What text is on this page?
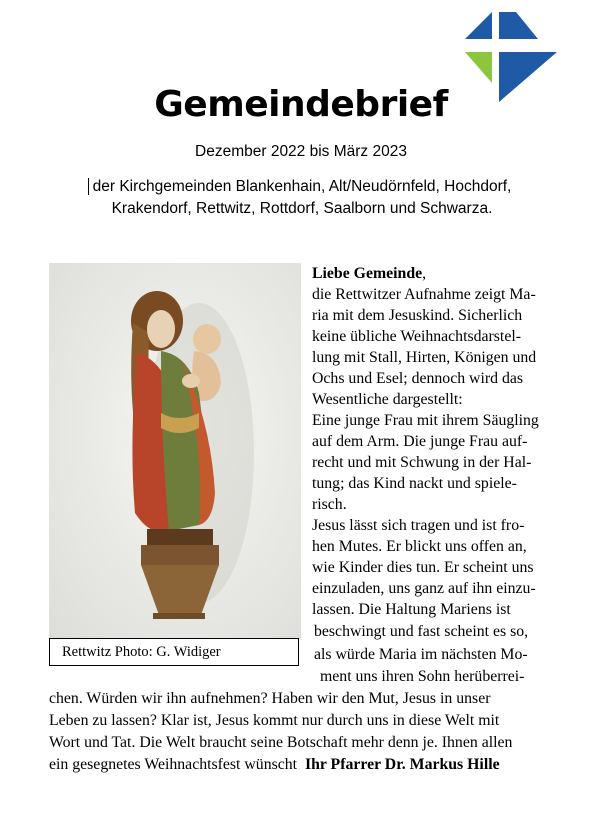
Gemeindebrief
Dezember 2022 bis März 2023
der Kirchgemeinden Blankenhain, Alt/Neudörnfeld, Hochdorf,
Krakendorf, Rettwitz, Rottdorf, Saalborn und Schwarza.
Rettwitz Photo: G. Widiger
Liebe Gemeinde,
die Rettwitzer Aufnahme zeigt Ma-
ria mit dem Jesuskind. Sicherlich
keine übliche Weihnachtsdarstel-
lung mit Stall, Hirten, Königen und
Ochs und Esel; dennoch wird das
Wesentliche dargestellt:
Eine junge Frau mit ihrem Säugling
auf dem Arm. Die junge Frau auf-
recht und mit Schwung in der Hal-
tung; das Kind nackt und spiele-
risch.
Jesus lässt sich tragen und ist fro-
hen Mutes. Er blickt uns offen an,
wie Kinder dies tun. Er scheint uns
einzuladen, uns ganz auf ihn einzu-
lassen. Die Haltung Mariens ist
beschwingt und fast scheint es so,
als würde Maria im nächsten Mo-
ment uns ihren Sohn herüberrei-
chen. Würden wir ihn aufnehmen? Haben wir den Mut, Jesus in unser
Leben zu lassen? Klar ist, Jesus kommt nur durch uns in diese Welt mit
Wort und Tat. Die Welt braucht seine Botschaft mehr denn je. Ihnen allen
ein gesegnetes Weihnachtsfest wünscht Ihr Pfarrer Dr. Markus Hille
